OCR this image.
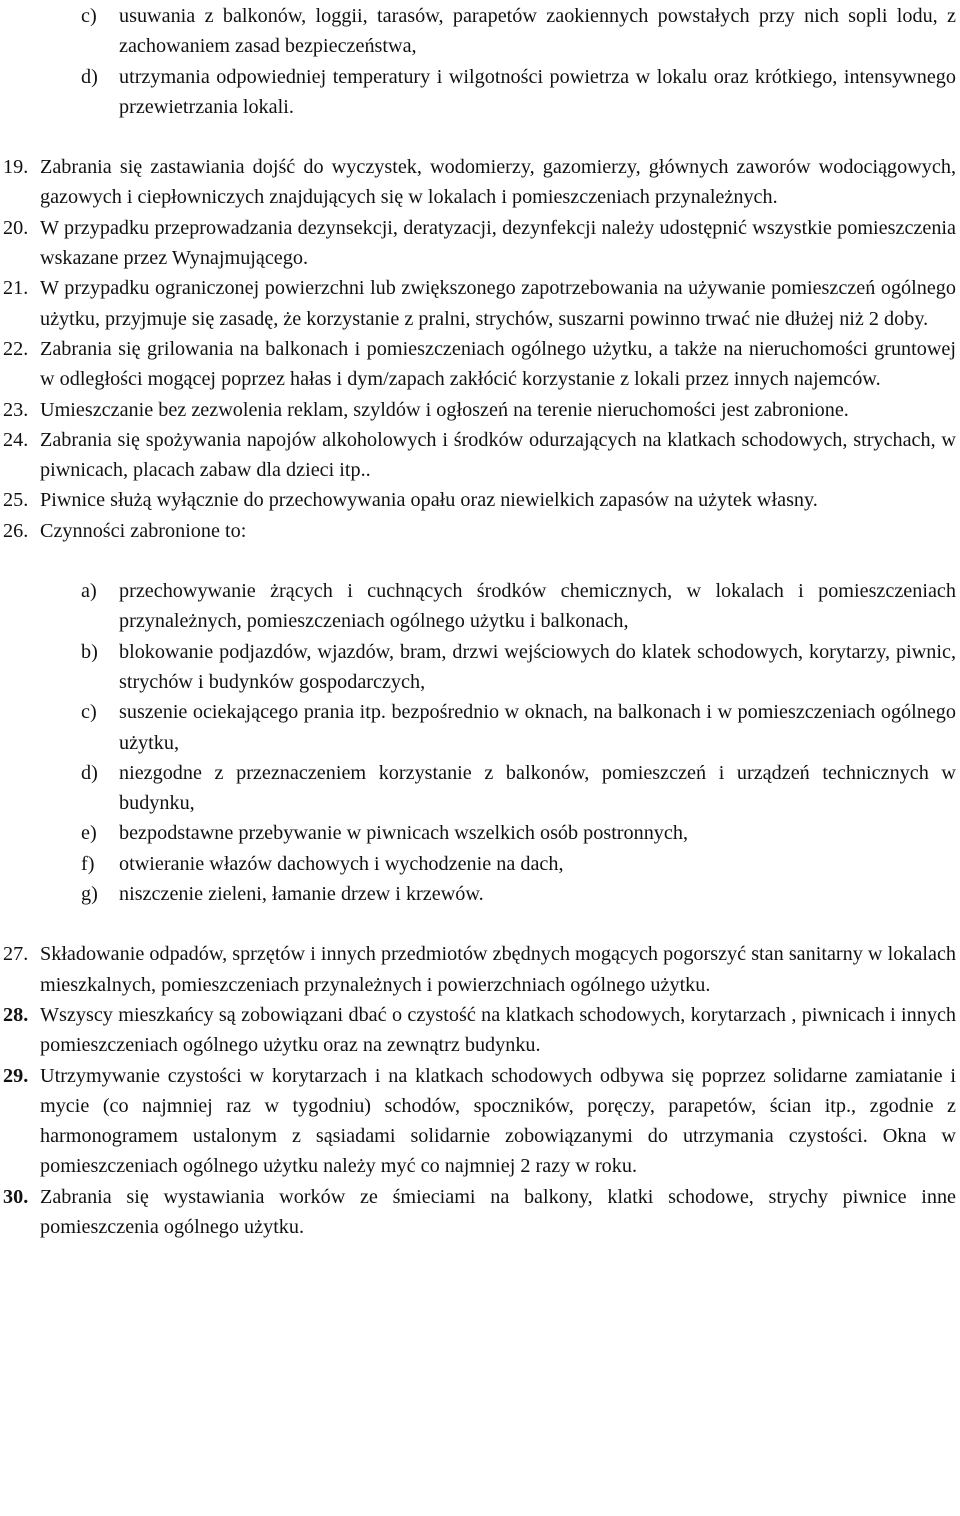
c)	usuwania z balkonów, loggii, tarasów, parapetów zaokiennych powstałych przy nich sopli lodu, z zachowaniem zasad bezpieczeństwa,
d)	utrzymania odpowiedniej temperatury i wilgotności powietrza w lokalu oraz krótkiego, intensywnego przewietrzania lokali.
19. Zabrania się zastawiania dojść do wyczystek, wodomierzy, gazomierzy, głównych zaworów wodociągowych, gazowych i ciepłowniczych znajdujących się w lokalach i pomieszczeniach przynależnych.
20. W przypadku przeprowadzania dezynsekcji, deratyzacji, dezynfekcji należy udostępnić wszystkie pomieszczenia wskazane przez Wynajmującego.
21. W przypadku ograniczonej powierzchni lub zwiększonego zapotrzebowania na używanie pomieszczeń ogólnego użytku, przyjmuje się zasadę, że korzystanie z pralni, strychów, suszarni powinno trwać nie dłużej niż 2 doby.
22. Zabrania się grilowania na balkonach i pomieszczeniach ogólnego użytku, a także na nieruchomości gruntowej w odległości mogącej poprzez hałas i dym/zapach zakłócić korzystanie z lokali przez innych najemców.
23. Umieszczanie bez zezwolenia reklam, szyldów i ogłoszeń na terenie nieruchomości jest zabronione.
24. Zabrania się spożywania napojów alkoholowych i środków odurzających na klatkach schodowych, strychach, w piwnicach, placach zabaw dla dzieci itp..
25. Piwnice służą wyłącznie do przechowywania opału oraz niewielkich zapasów na użytek własny.
26. Czynności zabronione to:
a)	przechowywanie żrących i cuchnących środków chemicznych, w lokalach i pomieszczeniach przynależnych, pomieszczeniach ogólnego użytku i balkonach,
b)	blokowanie podjazdów, wjazdów, bram, drzwi wejściowych do klatek schodowych, korytarzy, piwnic, strychów i budynków gospodarczych,
c)	suszenie ociekającego prania itp. bezpośrednio w oknach, na balkonach i w pomieszczeniach ogólnego użytku,
d)	niezgodne z przeznaczeniem korzystanie z balkonów, pomieszczeń i urządzeń technicznych w budynku,
e)	bezpodstawne przebywanie w piwnicach wszelkich osób postronnych,
f)	otwieranie włazów dachowych i wychodzenie na dach,
g)	niszczenie zieleni, łamanie drzew i krzewów.
27. Składowanie odpadów, sprzętów i innych przedmiotów zbędnych mogących pogorszyć stan sanitarny w lokalach mieszkalnych, pomieszczeniach przynależnych i powierzchniach ogólnego użytku.
28. Wszyscy mieszkańcy są zobowiązani dbać o czystość na klatkach schodowych, korytarzach , piwnicach i innych pomieszczeniach ogólnego użytku oraz na zewnątrz budynku.
29. Utrzymywanie czystości w korytarzach i na klatkach schodowych odbywa się poprzez solidarne zamiatanie i mycie (co najmniej raz w tygodniu) schodów, spoczników, poręczy, parapetów, ścian itp., zgodnie z harmonogramem ustalonym z sąsiadami solidarnie zobowiązanymi do utrzymania czystości. Okna w pomieszczeniach ogólnego użytku należy myć co najmniej 2 razy w roku.
30. Zabrania się wystawiania worków ze śmieciami na balkony, klatki schodowe, strychy piwnice inne pomieszczenia ogólnego użytku.
